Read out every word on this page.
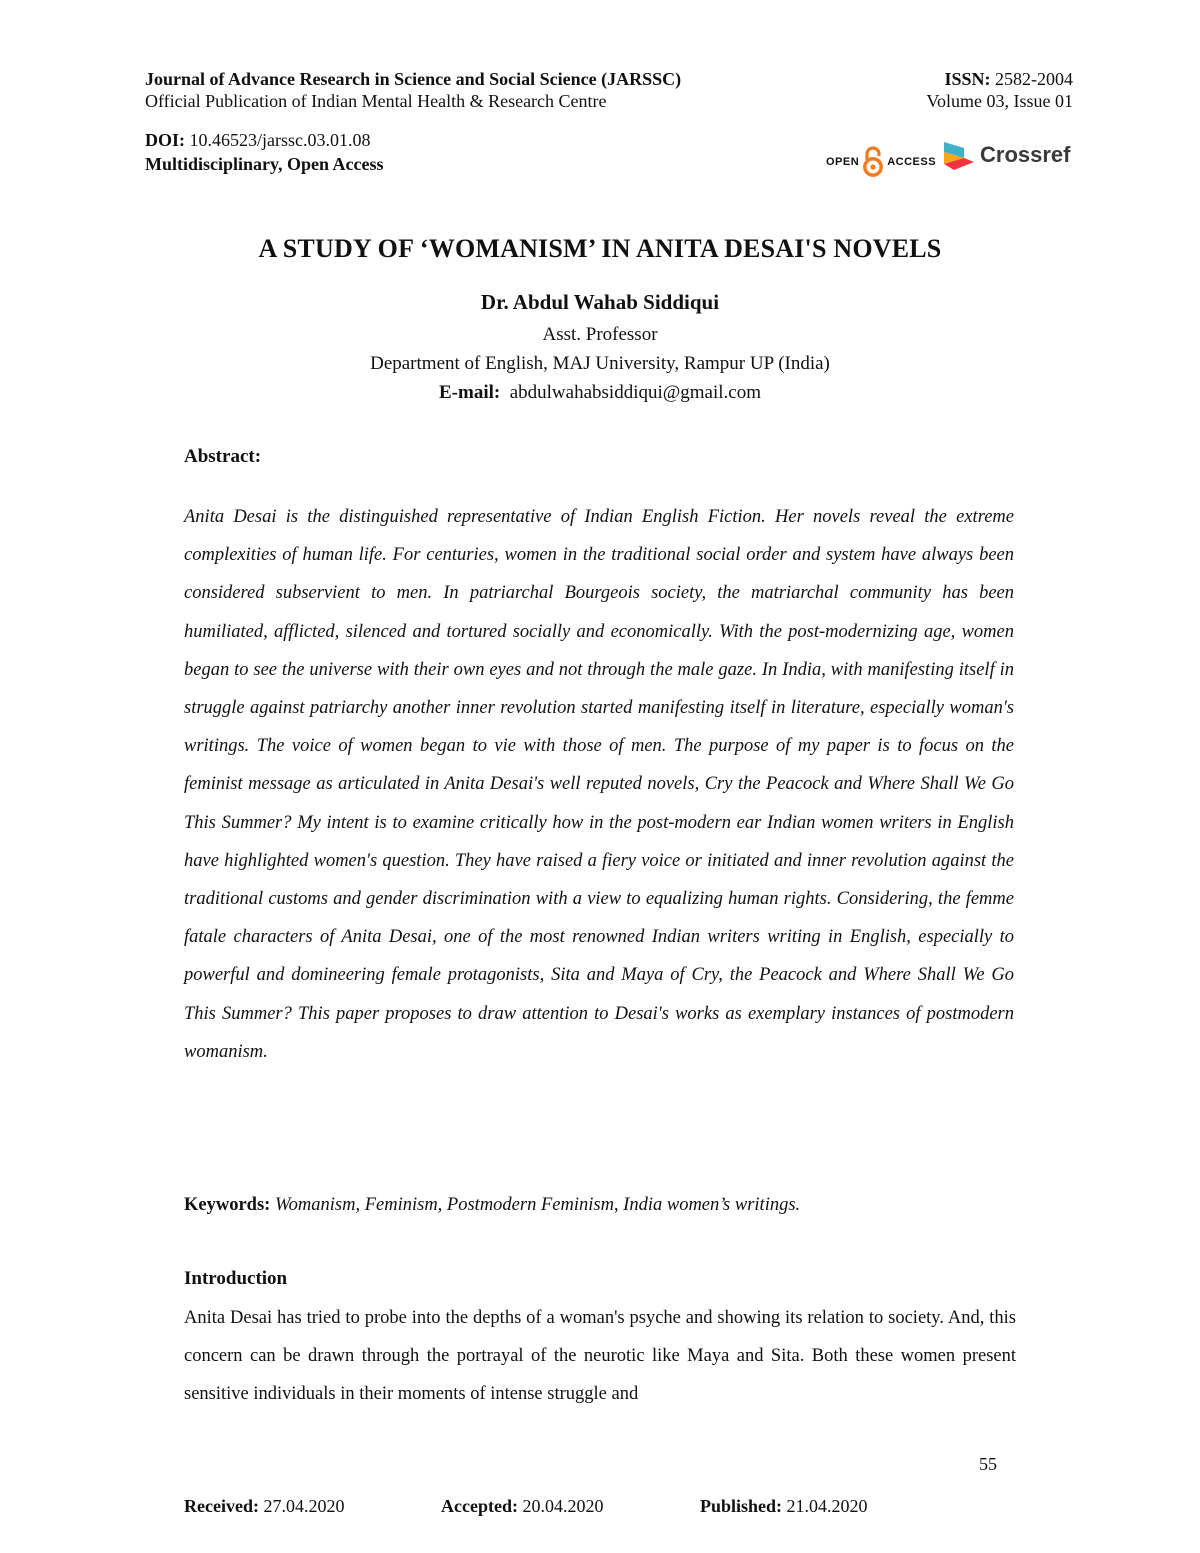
Journal of Advance Research in Science and Social Science (JARSSC)
Official Publication of Indian Mental Health & Research Centre
ISSN: 2582-2004
Volume 03, Issue 01
DOI: 10.46523/jarssc.03.01.08
Multidisciplinary, Open Access	OPEN	ACCESS Crossref
A STUDY OF ‘WOMANISM’ IN ANITA DESAI'S NOVELS
Dr. Abdul Wahab Siddiqui
Asst. Professor
Department of English, MAJ University, Rampur UP (India)
E-mail: abdulwahabsiddiqui@gmail.com
Abstract:
Anita Desai is the distinguished representative of Indian English Fiction. Her novels reveal the extreme complexities of human life. For centuries, women in the traditional social order and system have always been considered subservient to men. In patriarchal Bourgeois society, the matriarchal community has been humiliated, afflicted, silenced and tortured socially and economically. With the post-modernizing age, women began to see the universe with their own eyes and not through the male gaze. In India, with manifesting itself in struggle against patriarchy another inner revolution started manifesting itself in literature, especially woman's writings. The voice of women began to vie with those of men. The purpose of my paper is to focus on the feminist message as articulated in Anita Desai's well reputed novels, Cry the Peacock and Where Shall We Go This Summer? My intent is to examine critically how in the post-modern ear Indian women writers in English have highlighted women's question. They have raised a fiery voice or initiated and inner revolution against the traditional customs and gender discrimination with a view to equalizing human rights. Considering, the femme fatale characters of Anita Desai, one of the most renowned Indian writers writing in English, especially to powerful and domineering female protagonists, Sita and Maya of Cry, the Peacock and Where Shall We Go This Summer? This paper proposes to draw attention to Desai's works as exemplary instances of postmodern womanism.
Keywords: Womanism, Feminism, Postmodern Feminism, India women’s writings.
Introduction
Anita Desai has tried to probe into the depths of a woman's psyche and showing its relation to society. And, this concern can be drawn through the portrayal of the neurotic like Maya and Sita. Both these women present sensitive individuals in their moments of intense struggle and
55
Received: 27.04.2020	Accepted: 20.04.2020	Published: 21.04.2020
